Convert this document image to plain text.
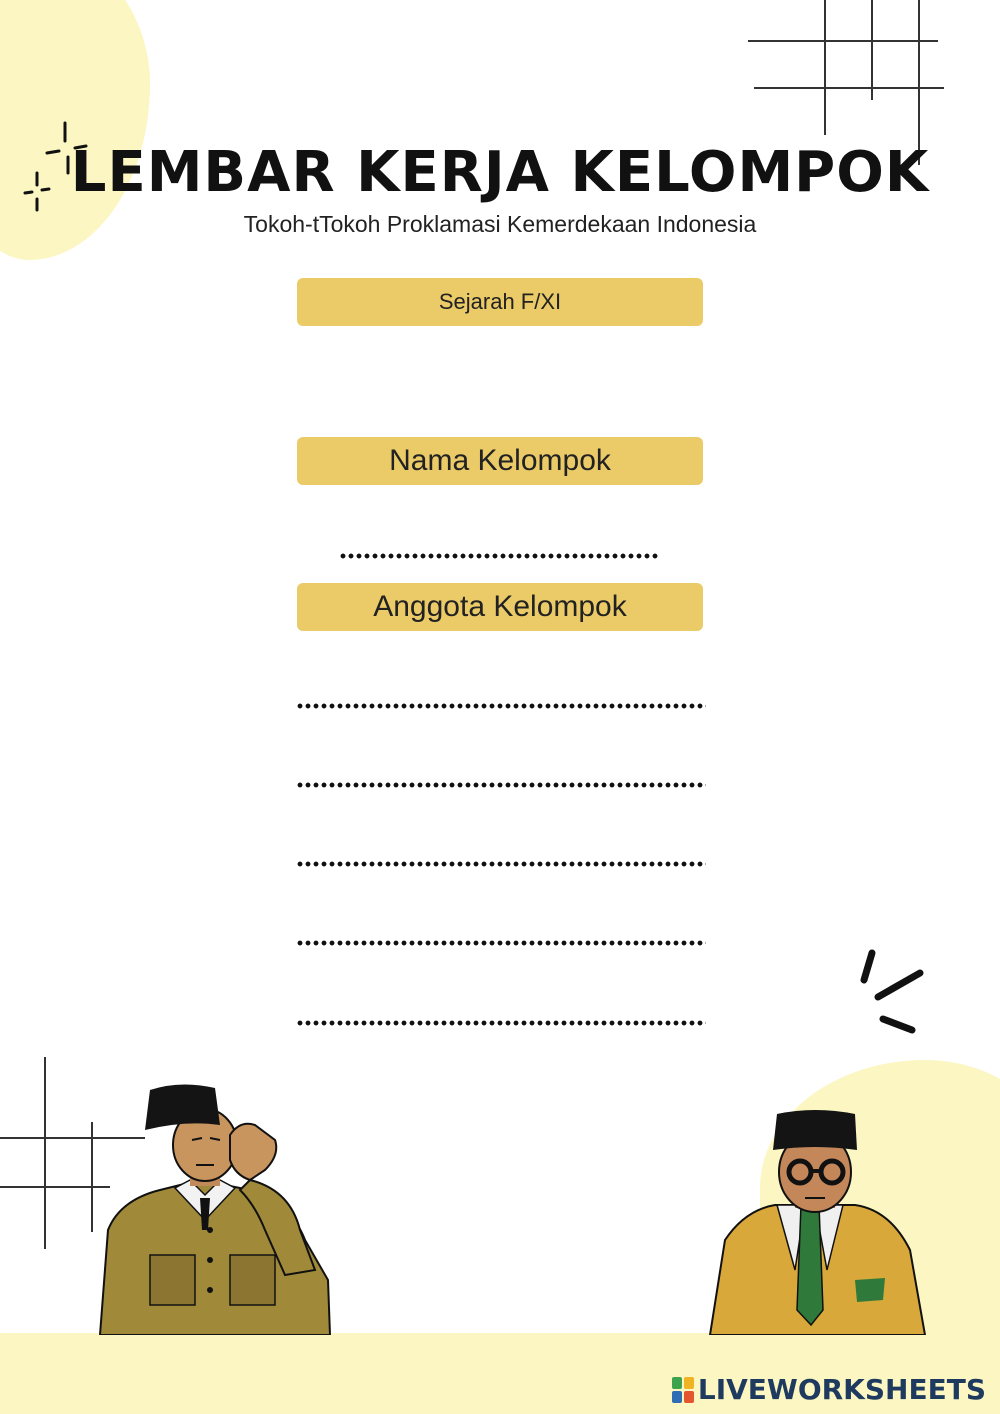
LEMBAR KERJA KELOMPOK
Tokoh-tTokoh Proklamasi Kemerdekaan Indonesia
Sejarah F/XI
Nama Kelompok
Anggota Kelompok
LIVEWORKSHEETS
